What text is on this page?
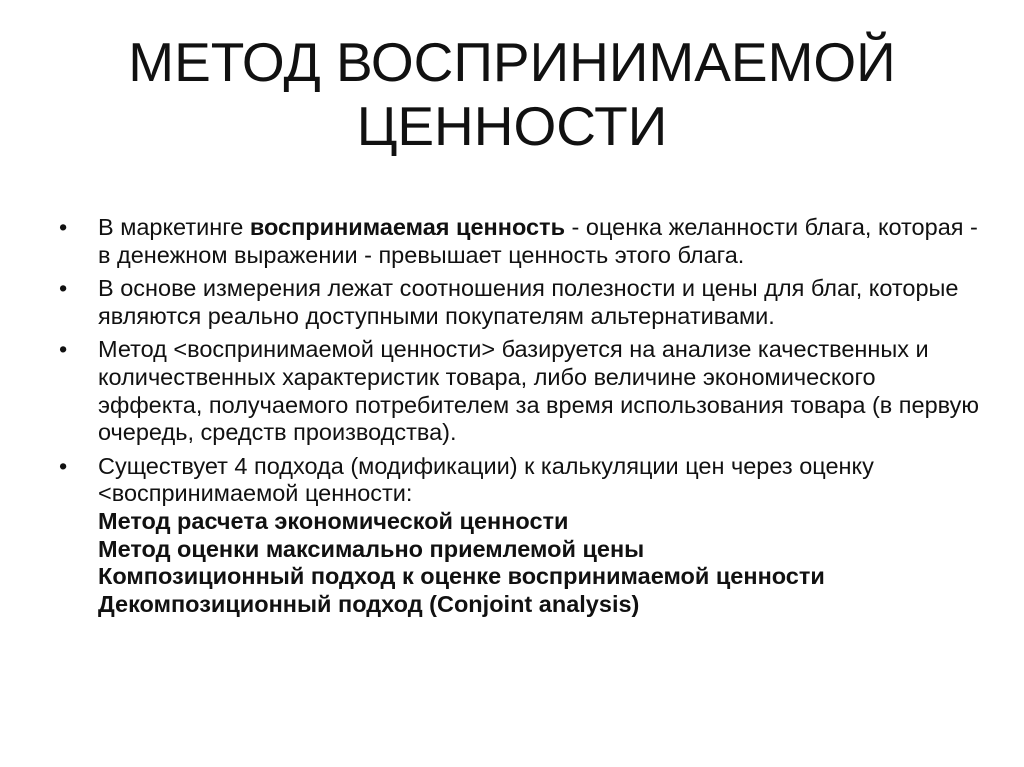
МЕТОД ВОСПРИНИМАЕМОЙ
ЦЕННОСТИ
•	В маркетинге воспринимаемая ценность - оценка желанности блага, которая - в денежном выражении - превышает ценность этого блага.
•	В основе измерения лежат соотношения полезности и цены для благ, которые являются реально доступными покупателям альтернативами.
•	Метод <воспринимаемой ценности> базируется на анализе качественных и количественных характеристик товара, либо величине экономического эффекта, получаемого потребителем за время использования товара (в первую очередь, средств производства).
•	Существует 4 подхода (модификации) к калькуляции цен через оценку <воспринимаемой ценности:
Метод расчета экономической ценности
Метод оценки максимально приемлемой цены
Композиционный подход к оценке воспринимаемой ценности
Декомпозиционный подход (Conjoint analysis)
